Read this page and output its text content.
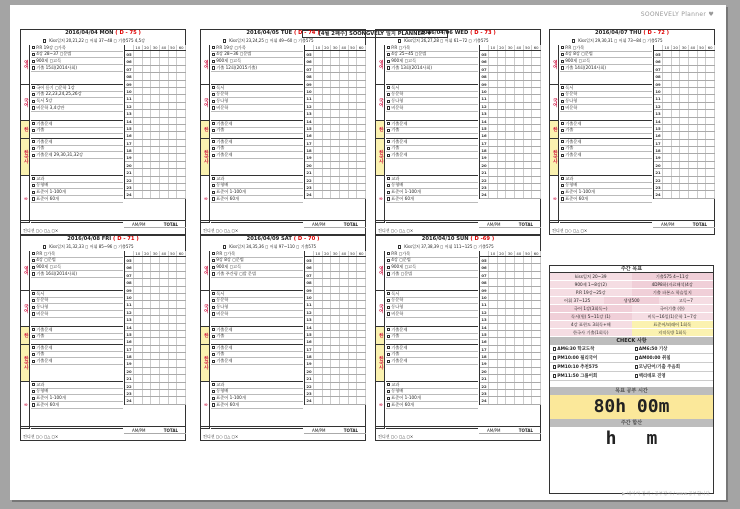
SOONEVELY Planner ♥
[4월 2째주] SOONGVELY 일지 PLANNER ♥
2016/04/04 MON ( D - 75 )
Kiss일처 20,21,22 ◻ 어휘 37~48 ◻ 기출575 4,5강
영어
P.R 19강 ◻가목
4강 28~37 ◻문법
900제 ◻고득
기출 15회(2014사회)
국어
국어 듣기 ◻문학 1강
기출 22,23,24,25,26강
독서 5강
비문학 3,4강만
한
기출문제
기출
한국사
기출문제
기출
기출문제 29,30,31,32강
∞
교과
동형배
표준어 1-100개
표준어 60개
10	20	30	40	50	60
05
06
07
08
09
10
11
12
13
14
15
16
17
18
19
20
21
22
23
24
AM/PM	TOTAL
컨디션 ◻○ ◻△ ◻×
2016/04/05 TUE ( D - 74 )
Kiss일처 23,24,25 ◻ 어휘 49~60 ◻ 기출575
영어
P.R 19강 ◻가목
4강 28~36 ◻문법
900제 ◻고득
기출 12회(2015기출)
국어
독서
동문학
동나형
비문학
한
기출문제
기출
한국사
기출문제
기출
기출문제
∞
교과
동형배
표준어 1-100개
표준어 60개
10	20	30	40	50	60
05
06
07
08
09
10
11
12
13
14
15
16
17
18
19
20
21
22
23
24
AM/PM	TOTAL
컨디션 ◻○ ◻△ ◻×
2016/04/06 WED ( D - 73 )
Kiss일처 26,27,28 ◻ 어휘 61~72 ◻ 기출575
영어
P.R ◻가목
4강 25~45 ◻문법
900제 ◻고득
기출 13회(2014사회)
국어
독서
동문학
동나형
비문학
한
기출문제
기출
한국사
기출문제
기출
기출문제
∞
교과
동형배
표준어 1-100개
표준어 60개
10	20	30	40	50	60
05
06
07
08
09
10
11
12
13
14
15
16
17
18
19
20
21
22
23
24
AM/PM	TOTAL
컨디션 ◻○ ◻△ ◻×
2016/04/07 THU ( D - 72 )
Kiss일처 29,30,31 ◻ 어휘 73~84 ◻ 기출575
영어
P.R ◻가목
4강 8강 ◻문법
900제 ◻고득
기출 14회(2014사회)
국어
독서
동문학
동나형
비문학
한
기출문제
기출
한국사
기출문제
기출
기출문제
∞
교과
동형배
표준어 1-100개
표준어 60개
10	20	30	40	50	60
05
06
07
08
09
10
11
12
13
14
15
16
17
18
19
20
21
22
23
24
AM/PM	TOTAL
컨디션 ◻○ ◻△ ◻×
2016/04/08 FRI ( D - 71 )
Kiss일처 31,32,33 ◻ 어휘 85~96 ◻ 기출575
영어
P.R ◻가목
4강 ◻문법
900제 ◻고득
기출 16회(2014사회)
국어
독서
동문학
동나형
비문학
한
기출문제
기출
한국사
기출문제
기출
기출문제
∞
교과
동형배
표준어 1-100개
표준어 60개
10	20	30	40	50	60
05
06
07
08
09
10
11
12
13
14
15
16
17
18
19
20
21
22
23
24
AM/PM	TOTAL
컨디션 ◻○ ◻△ ◻×
2016/04/09 SAT ( D - 70 )
Kiss일처 34,35,36 ◻ 어휘 97~110 ◻ 기출575
영어
P.R ◻가목
9강 8강 ◻문법
900제 ◻고득
기출 주간평 ◻발 문법
국어
독서
동문학
동나형
비문학
한
기출문제
기출
한국사
기출문제
기출
기출문제
∞
교과
동형배
표준어 1-100개
표준어 60개
10	20	30	40	50	60
05
06
07
08
09
10
11
12
13
14
15
16
17
18
19
20
21
22
23
24
AM/PM	TOTAL
컨디션 ◻○ ◻△ ◻×
2016/04/10 SUN ( D -69 )
Kiss일처 37,38,39 ◻ 어휘 111~125 ◻ 기출575
영어
P.R ◻가목
4강 ◻문법
900제 ◻고득
기출 ◻문법
국어
독서
동문학
동나형
비문학
한
기출문제
기출
한국사
기출문제
기출
기출문제
∞
교과
동형배
표준어 1-100개
표준어 60개
10	20	30	40	50	60
05
06
07
08
09
10
11
12
13
14
15
16
17
18
19
20
21
22
23
24
AM/PM	TOTAL
컨디션 ◻○ ◻△ ◻×
주간 목표
kiss일처 20~39	기출575 4~11강
900제 1~8강(2)	4DP8하(자료해석)4강
P.R 19강~25강	기출 파본스 학습일지
어휘 37~125	생생500	고득~7
국어 1강(3회독~)	국어기출 (한)
독서(원) 5~11강 (1)	비독~16일(1)문학 1~7강
4강 표현도 3회독+해	표준어/외래어 1회독
한국사 기출(1회독)	지적독방 1회독
CHECK 사항
AM6:30 학교도착	AM6:50 기상
PM10:00 될리국어	AM00:00 취침
PM10:10 추천575	모닝단어/기출 주음회
PM11:50 그룹어회	맥리데포 진영
목표 공부 시간
80h 00m
주간 합산
h m
▶ 네이버 검색 : 공부장시 / www.공부합니닷
